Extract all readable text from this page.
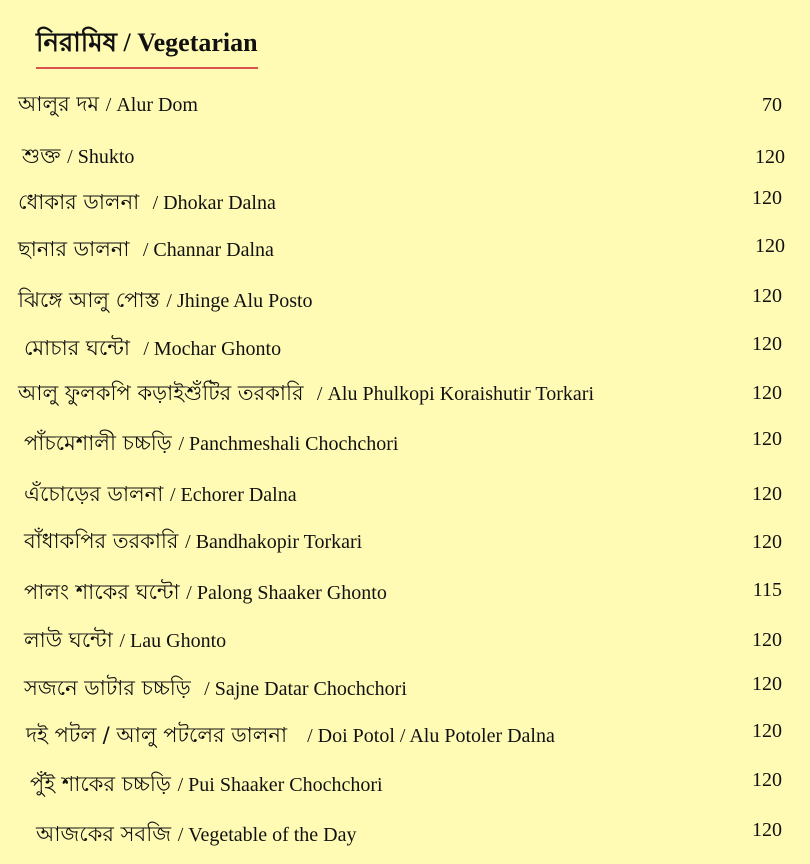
নিরামিষ / Vegetarian
আলুর দম / Alur Dom	70
শুক্ত / Shukto	120
ধোকার ডালনা / Dhokar Dalna	120
ছানার ডালনা / Channar Dalna	120
ঝিঙ্গে আলু পোস্ত / Jhinge Alu Posto	120
মোচার ঘন্টো / Mochar Ghonto	120
আলু ফুলকপি কড়াইশুঁটির তরকারি / Alu Phulkopi Koraishutir Torkari	120
পাঁচমেশালী চচ্চড়ি / Panchmeshali Chochchori	120
এঁচোড়ের ডালনা / Echorer Dalna	120
বাঁধাকপির তরকারি / Bandhakopir Torkari	120
পালং শাকের ঘন্টো / Palong Shaaker Ghonto	115
লাউ ঘন্টো / Lau Ghonto	120
সজনে ডাটার চচ্চড়ি / Sajne Datar Chochchori	120
দই পটল / আলু পটলের ডালনা / Doi Potol / Alu Potoler Dalna	120
পুঁই শাকের চচ্চড়ি / Pui Shaaker Chochchori	120
আজকের সবজি / Vegetable of the Day	120
